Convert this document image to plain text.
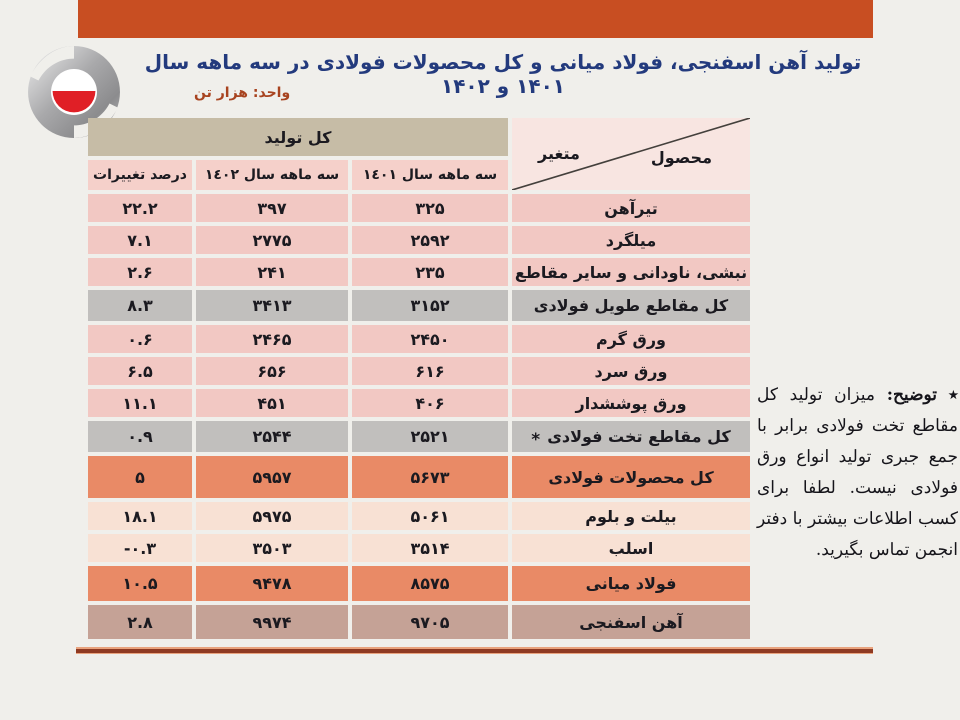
تولید آهن اسفنجی، فولاد میانی و کل محصولات فولادی در سه ماهه سال ۱۴۰۱ و ۱۴۰۲
واحد: هزار تن
محصول
متغیر	کل تولید		
	سه ماهه سال ١٤٠١	سه ماهه سال ١٤٠٢	درصد تغییرات

تیرآهن	۳۲۵	۳۹۷	۲۲.۲

میلگرد	۲۵۹۲	۲۷۷۵	۷.۱

نبشی، ناودانی و سایر مقاطع	۲۳۵	۲۴۱	۲.۶

کل مقاطع طویل فولادی	۳۱۵۲	۳۴۱۳	۸.۳

ورق گرم	۲۴۵۰	۲۴۶۵	۰.۶

ورق سرد	۶۱۶	۶۵۶	۶.۵

ورق پوششدار	۴۰۶	۴۵۱	۱۱.۱

* کل مقاطع تخت فولادی	۲۵۲۱	۲۵۴۴	۰.۹

کل محصولات فولادی	۵۶۷۳	۵۹۵۷	۵

بیلت و بلوم	۵۰۶۱	۵۹۷۵	۱۸.۱

اسلب	۳۵۱۴	۳۵۰۳	-۰.۳

فولاد میانی	۸۵۷۵	۹۴۷۸	۱۰.۵

آهن اسفنجی	۹۷۰۵	۹۹۷۴	۲.۸
٭ توضیح: میزان تولید کل مقاطع تخت فولادی برابر با جمع جبری تولید انواع ورق فولادی نیست. لطفا برای کسب اطلاعات بیشتر با دفتر انجمن تماس بگیرید.
